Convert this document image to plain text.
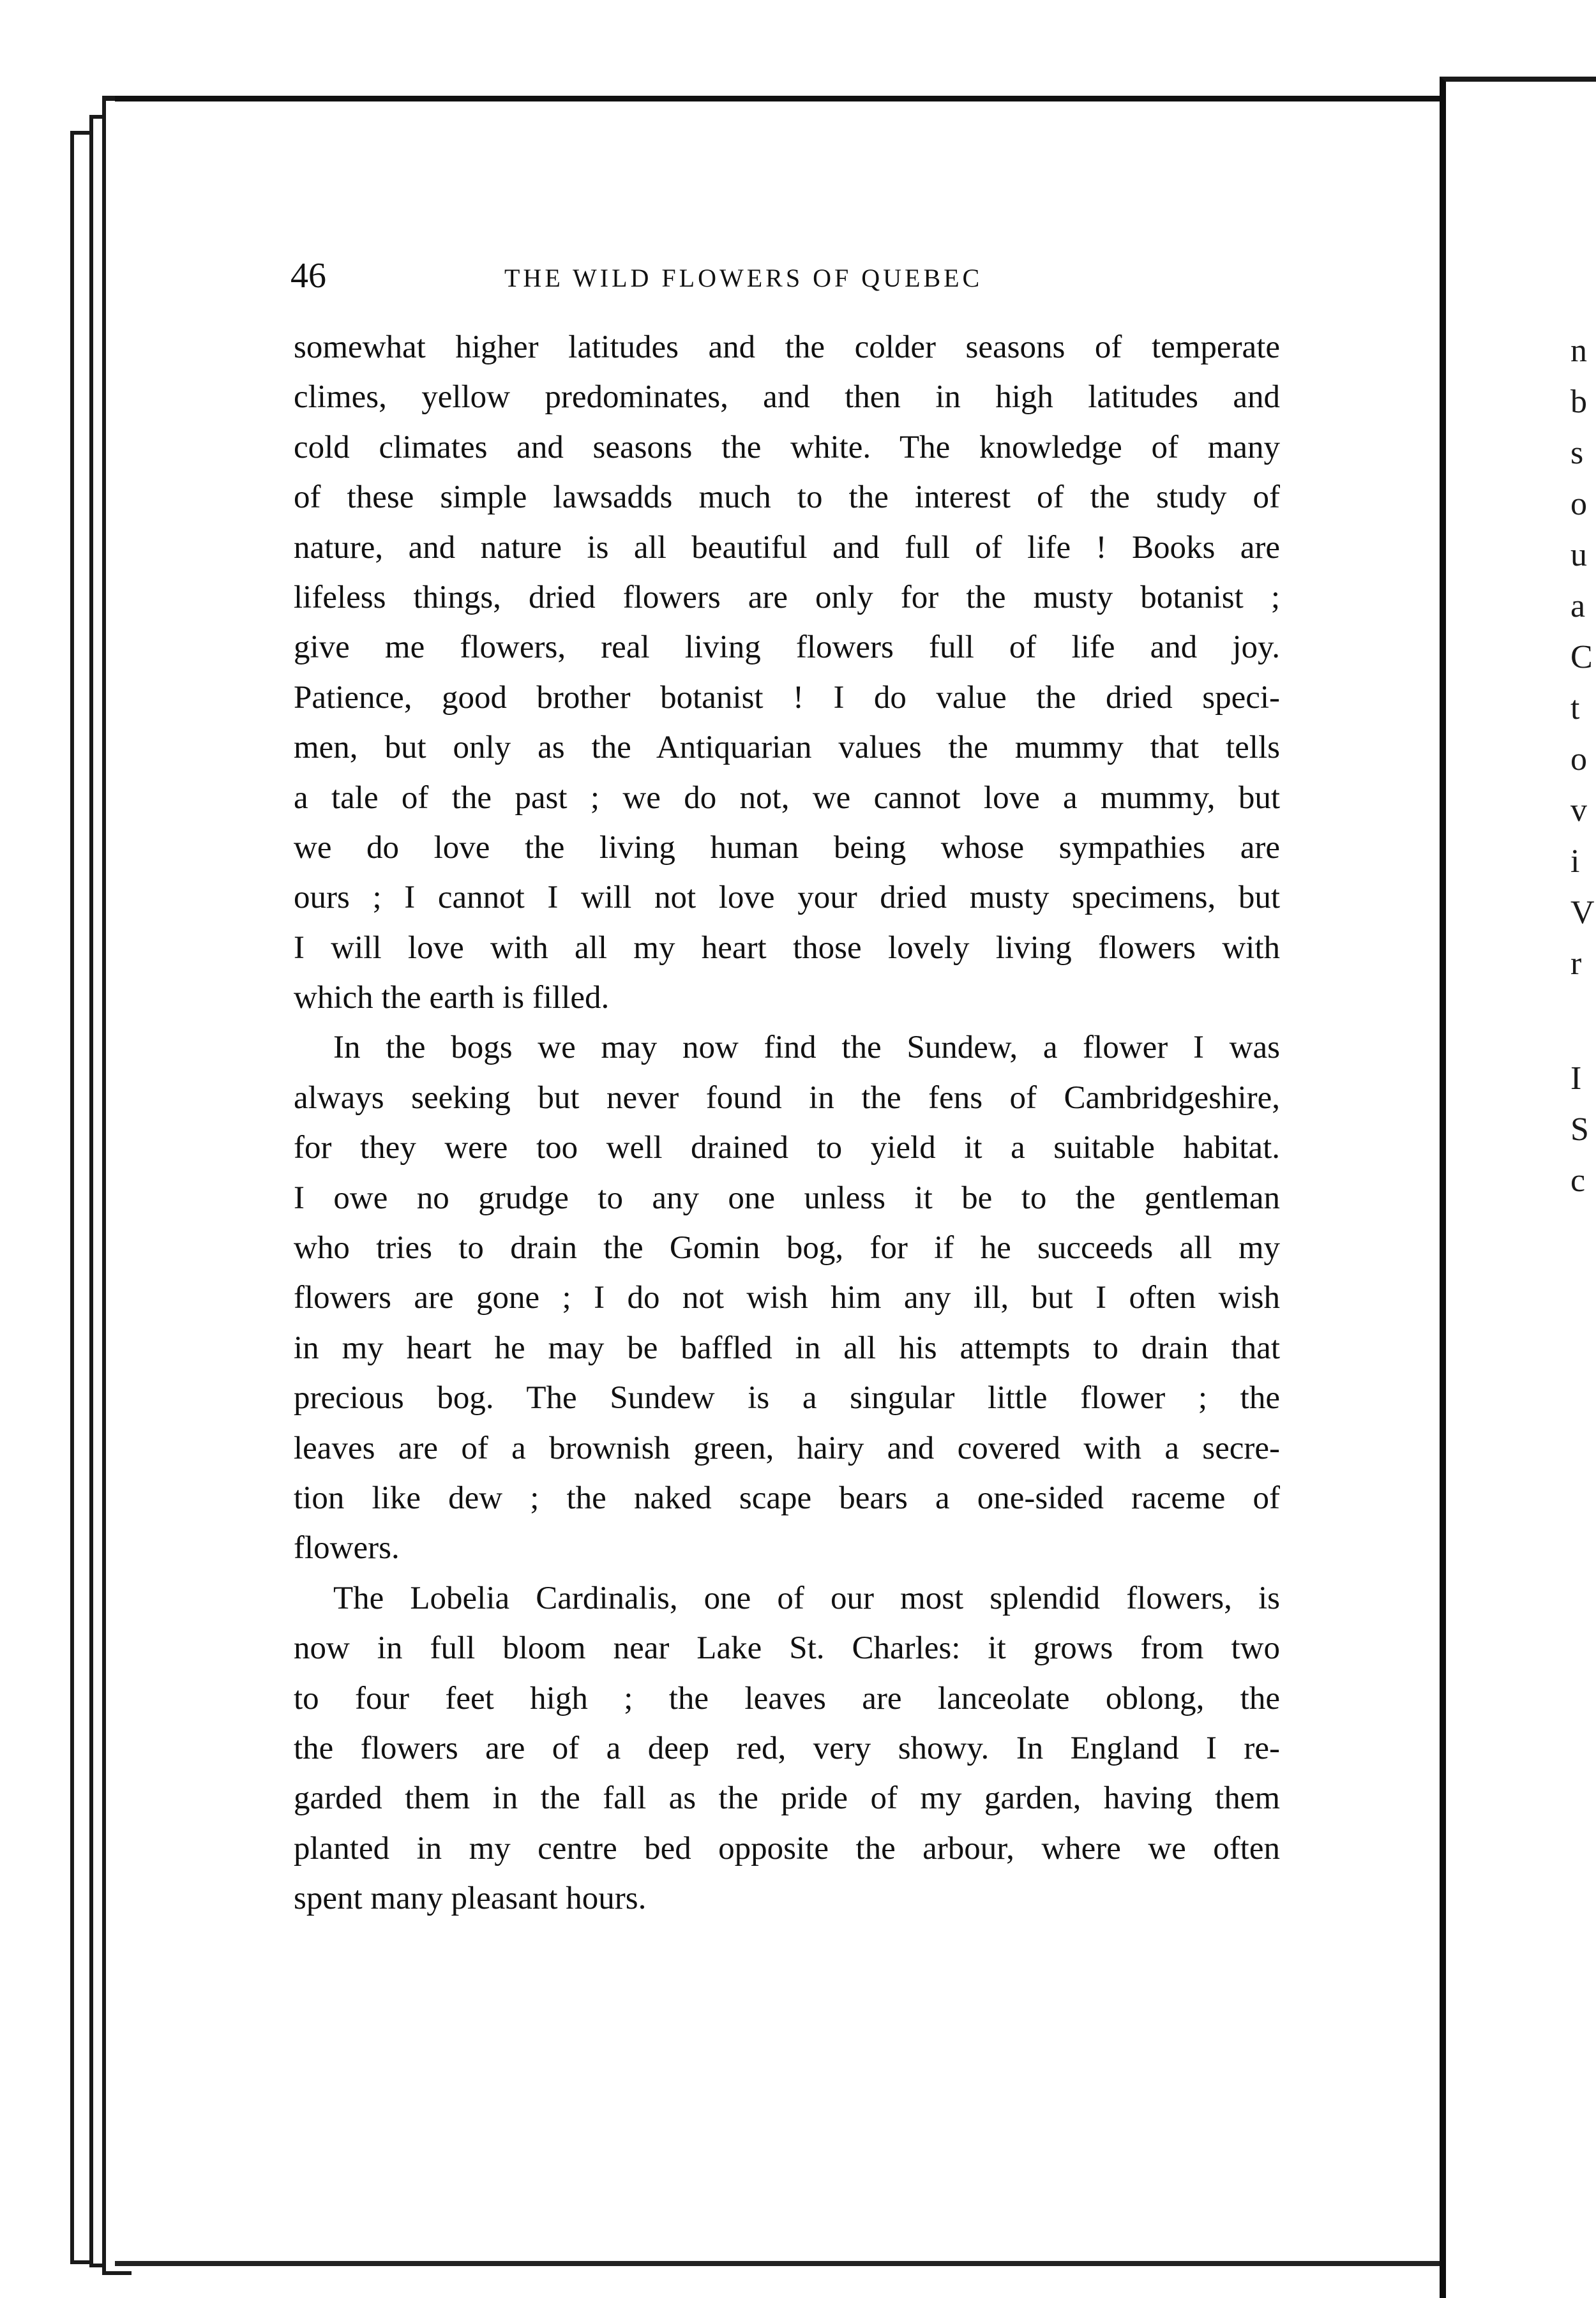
n
b
s
o
u
a
C
t
o
v
i
V
r
I
S
c
46	THE WILD FLOWERS OF QUEBEC
somewhat higher latitudes and the colder seasons of temperate
climes, yellow predominates, and then in high latitudes and
cold climates and seasons the white. The knowledge of many
of these simple lawsadds much to the interest of the study of
nature, and nature is all beautiful and full of life ! Books are
lifeless things, dried flowers are only for the musty botanist ;
give me flowers, real living flowers full of life and joy.
Patience, good brother botanist ! I do value the dried speci-
men, but only as the Antiquarian values the mummy that tells
a tale of the past ; we do not, we cannot love a mummy, but
we do love the living human being whose sympathies are
ours ; I cannot I will not love your dried musty specimens, but
I will love with all my heart those lovely living flowers with
which the earth is filled.
In the bogs we may now find the Sundew, a flower I was
always seeking but never found in the fens of Cambridgeshire,
for they were too well drained to yield it a suitable habitat.
I owe no grudge to any one unless it be to the gentleman
who tries to drain the Gomin bog, for if he succeeds all my
flowers are gone ; I do not wish him any ill, but I often wish
in my heart he may be baffled in all his attempts to drain that
precious bog. The Sundew is a singular little flower ; the
leaves are of a brownish green, hairy and covered with a secre-
tion like dew ; the naked scape bears a one-sided raceme of
flowers.
The Lobelia Cardinalis, one of our most splendid flowers, is
now in full bloom near Lake St. Charles: it grows from two
to four feet high ; the leaves are lanceolate oblong, the
the flowers are of a deep red, very showy. In England I re-
garded them in the fall as the pride of my garden, having them
planted in my centre bed opposite the arbour, where we often
spent many pleasant hours.
